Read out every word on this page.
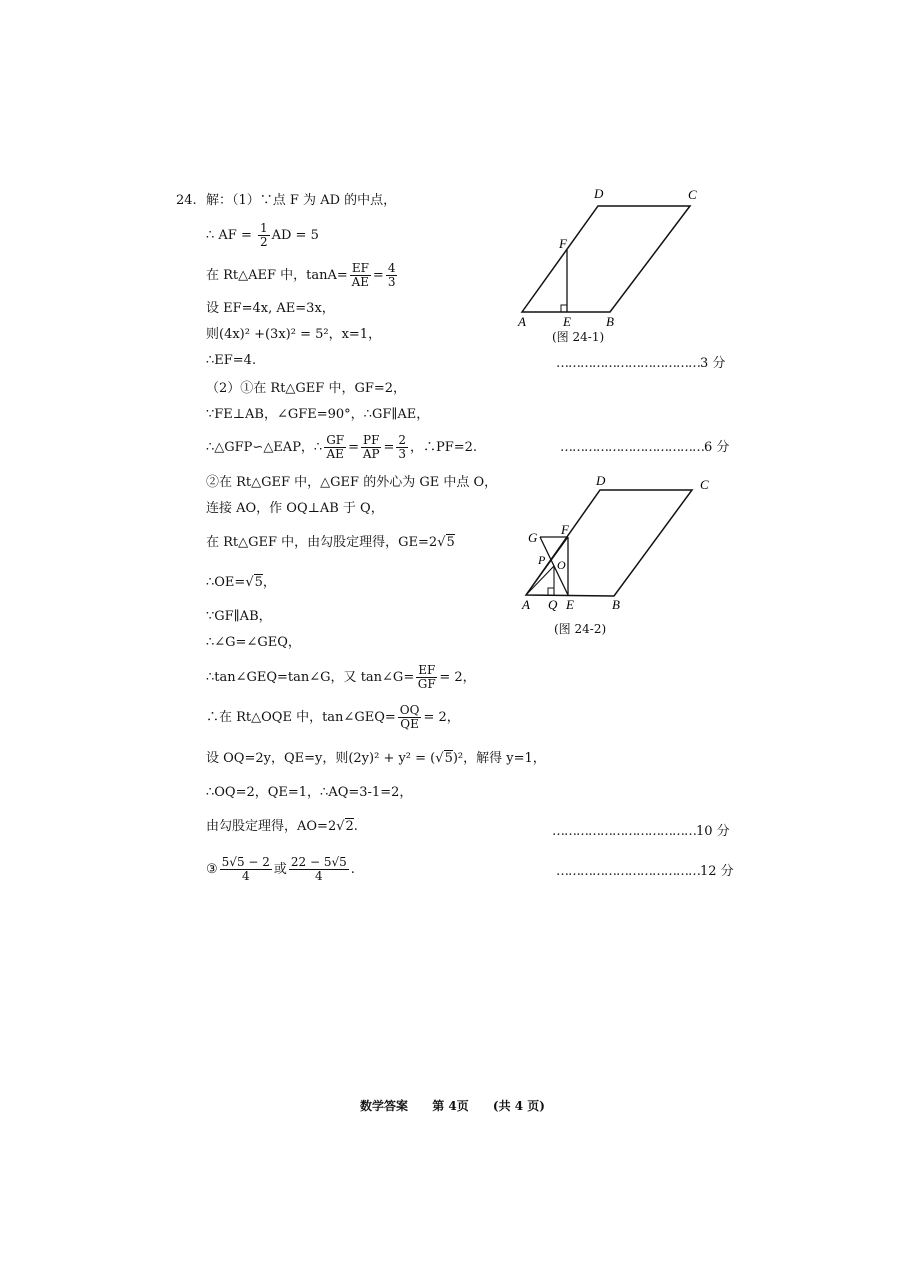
24. 解：（1）∵点 F 为 AD 的中点，
∴ AF = $\frac{1}{2}$ AD = 5
在 Rt△AEF 中，$\tan A= \frac{EF}{AE} = \frac{4}{3}$
设 EF=4x, AE=3x，
则(4x)² +(3x)² = 5²，x=1，
∴EF=4.	………………………………3 分
（2）①在 Rt△GEF 中，GF=2，
∵FE⊥AB，∠GFE=90°，∴GF∥AE，
∴△GFP∽△EAP，∴ $\frac{GF}{AE} = \frac{PF}{AP} = \frac{2}{3}$ ，∴PF=2.	………………………………6 分
②在 Rt△GEF 中，△GEF 的外心为 GE 中点 O，
连接 AO，作 OQ⊥AB 于 Q，
在 Rt△GEF 中，由勾股定理得，GE=2√5
∴OE=√5，
∵GF∥AB，
∴∠G=∠GEQ，
∴tan∠GEQ=tan∠G，又 tan∠G= $\frac{EF}{GF} = 2$，
∴在 Rt△OQE 中，tan∠GEQ= $\frac{OQ}{QE} = 2$，
设 OQ=2y，QE=y，则(2y)² + y² = (√5)²，解得 y=1，
∴OQ=2，QE=1，∴AQ=3-1=2，
由勾股定理得，AO=2√2.	………………………………10 分
③ $\frac{5√5 - 2}{4}$ 或 $\frac{22 - 5√5}{4}$ .	………………………………12 分
D	C
F
A	E	B
(图 24-1)
D	C
F
G
P O
A Q E	B
(图 24-2)
数学答案 第 4页 (共 4 页)
